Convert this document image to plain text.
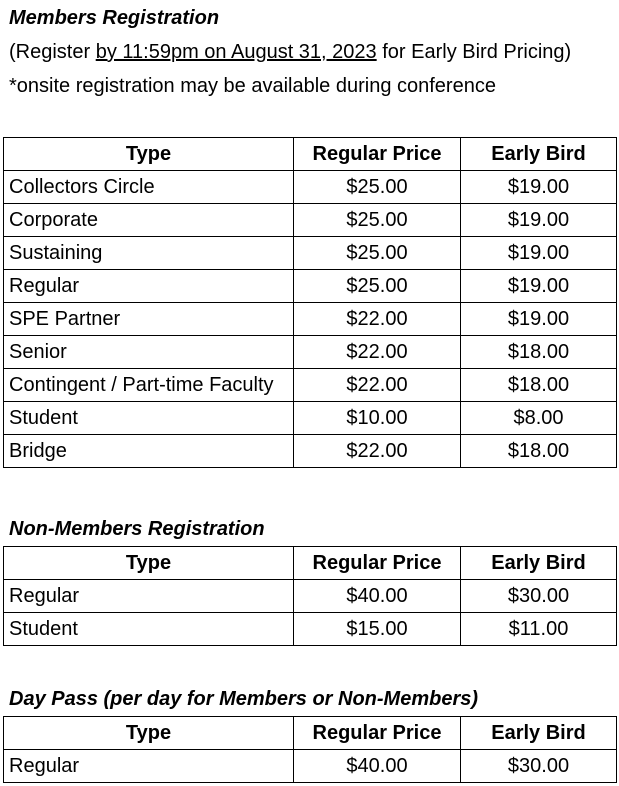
Members Registration
(Register by 11:59pm on August 31, 2023 for Early Bird Pricing)
*onsite registration may be available during conference
Type	Regular Price	Early Bird
Collectors Circle	$25.00	$19.00
Corporate	$25.00	$19.00
Sustaining	$25.00	$19.00
Regular	$25.00	$19.00
SPE Partner	$22.00	$19.00
Senior	$22.00	$18.00
Contingent / Part-time Faculty	$22.00	$18.00
Student	$10.00	$8.00
Bridge	$22.00	$18.00
Non-Members Registration
Type	Regular Price	Early Bird
Regular	$40.00	$30.00
Student	$15.00	$11.00
Day Pass (per day for Members or Non-Members)
Type	Regular Price	Early Bird
Regular	$40.00	$30.00
